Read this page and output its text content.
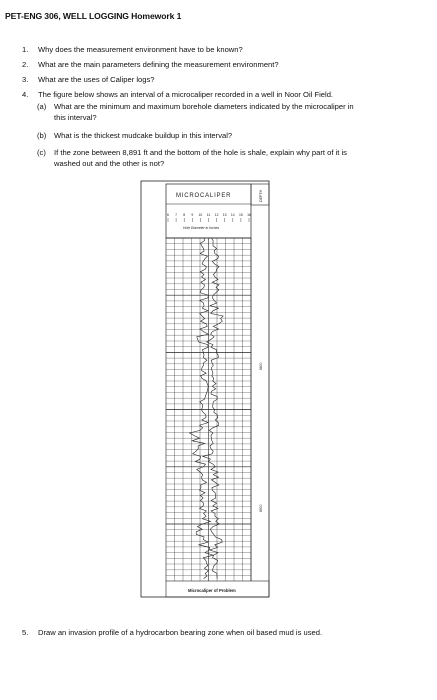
PET-ENG 306, WELL LOGGING Homework 1
1. Why does the measurement environment have to be known?
2. What are the main parameters defining the measurement environment?
3. What are the uses of Caliper logs?
4. The figure below shows an interval of a microcaliper recorded in a well in Noor Oil Field.
(a) What are the minimum and maximum borehole diameters indicated by the microcaliper in
this interval?
(b) What is the thickest mudcake buildup in this interval?
(c) If the zone between 8,891 ft and the bottom of the hole is shale, explain why part of it is
washed out and the other is not?
MICROCALIPER	DEPTH
6 7 8 9 10 11 12 13 14 15 16
Hole Diameter in Inches
8800
8900
Microcaliper of Problem
5. Draw an invasion profile of a hydrocarbon bearing zone when oil based mud is used.
